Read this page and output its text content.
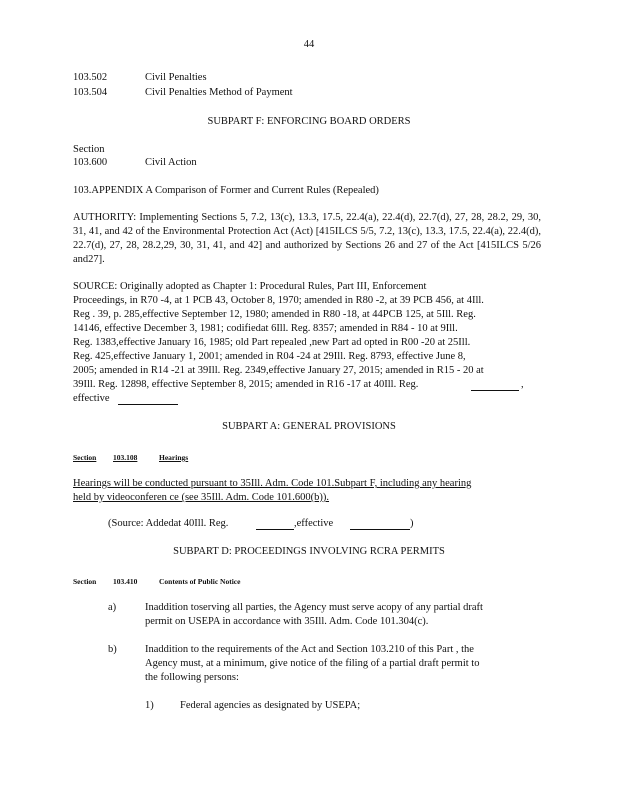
44
103.502	Civil Penalties
103.504	Civil Penalties Method of Payment
SUBPART F: ENFORCING BOARD ORDERS
Section
103.600	Civil Action
103.APPENDIX A Comparison of Former and Current Rules (Repealed)
AUTHORITY: Implementing Sections 5, 7.2, 13(c), 13.3, 17.5, 22.4(a), 22.4(d), 22.7(d), 27, 28, 28.2, 29, 30, 31, 41, and 42 of the Environmental Protection Act (Act) [415ILCS 5/5, 7.2, 13(c), 13.3, 17.5, 22.4(a), 22.4(d), 22.7(d), 27, 28, 28.2,29, 30, 31, 41, and 42] and authorized by Sections 26 and 27 of the Act [415ILCS 5/26 and27].
SOURCE: Originally adopted as Chapter 1: Procedural Rules, Part III, Enforcement
Proceedings, in R70 -4, at 1 PCB 43, October 8, 1970; amended in R80 -2, at 39 PCB 456, at 4Ill.
Reg . 39, p. 285,effective September 12, 1980; amended in R80 -18, at 44PCB 125, at 5Ill. Reg.
14146, effective December 3, 1981; codifiedat 6Ill. Reg. 8357; amended in R84 - 10 at 9Ill.
Reg. 1383,effective January 16, 1985; old Part repealed ,new Part ad opted in R00 -20 at 25Ill.
Reg. 425,effective January 1, 2001; amended in R04 -24 at 29Ill. Reg. 8793, effective June 8,
2005; amended in R14 -21 at 39Ill. Reg. 2349,effective January 27, 2015; amended in R15 - 20 at
39Ill. Reg. 12898, effective September 8, 2015; amended in R16 -17 at 40Ill. Reg.	,
effective
SUBPART A: GENERAL PROVISIONS
Section 103.108	Hearings
Hearings will be conducted pursuant to 35Ill. Adm. Code 101.Subpart F, including any hearing
held by videoconferen ce (see 35Ill. Adm. Code 101.600(b)).
(Source: Addedat 40Ill. Reg.	,effective	)
SUBPART D: PROCEEDINGS INVOLVING RCRA PERMITS
Section 103.410	Contents of Public Notice
a)	Inaddition toserving all parties, the Agency must serve acopy of any partial draft
permit on USEPA in accordance with 35Ill. Adm. Code 101.304(c).
b)	Inaddition to the requirements of the Act and Section 103.210 of this Part , the
Agency must, at a minimum, give notice of the filing of a partial draft permit to
the following persons:
1)	Federal agencies as designated by USEPA;
